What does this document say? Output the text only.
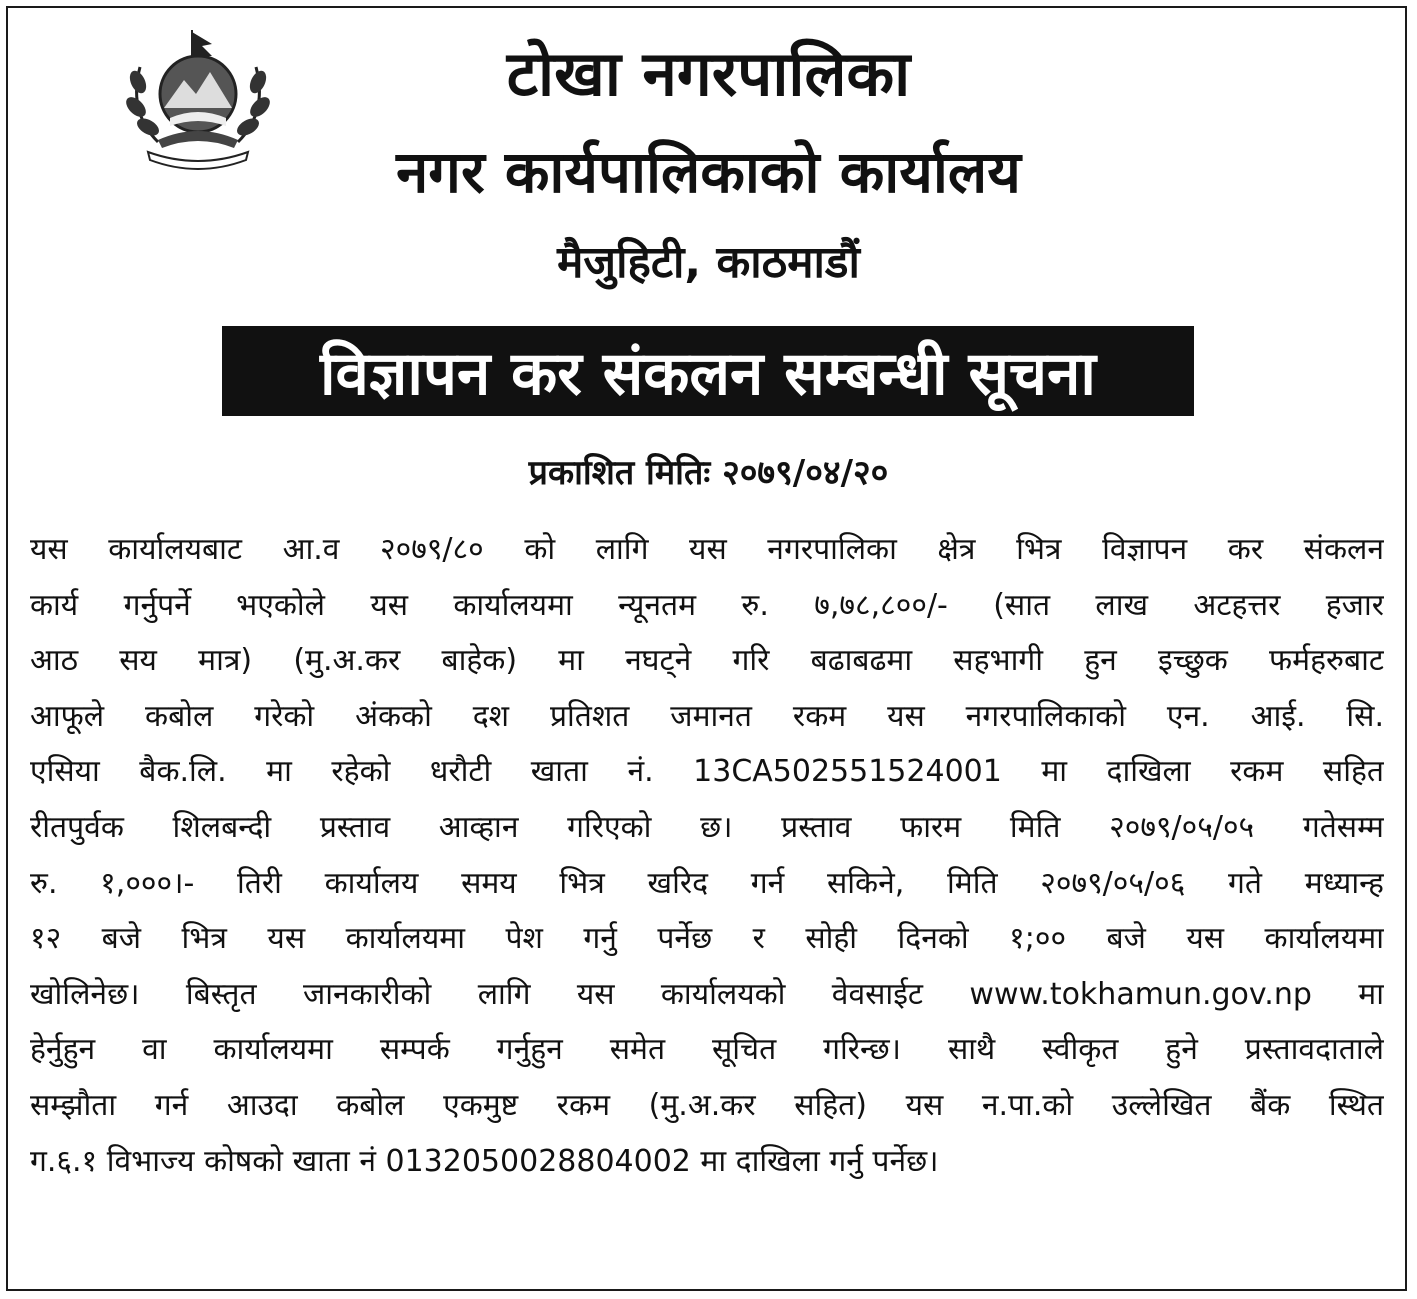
टोखा नगरपालिका
नगर कार्यपालिकाको कार्यालय
मैजुहिटी, काठमाडौं
विज्ञापन कर संकलन सम्बन्धी सूचना
प्रकाशित मितिः २०७९/०४/२०
यस कार्यालयबाट आ.व २०७९/८० को लागि यस नगरपालिका क्षेत्र भित्र विज्ञापन कर संकलन
कार्य गर्नुपर्ने भएकोले यस कार्यालयमा न्यूनतम रु. ७,७८,८००/- (सात लाख अटहत्तर हजार
आठ सय मात्र) (मु.अ.कर बाहेक) मा नघट्ने गरि बढाबढमा सहभागी हुन इच्छुक फर्महरुबाट
आफूले कबोल गरेको अंकको दश प्रतिशत जमानत रकम यस नगरपालिकाको एन. आई. सि.
एसिया बैक.लि. मा रहेको धरौटी खाता नं. 13CA502551524001 मा दाखिला रकम सहित
रीतपुर्वक शिलबन्दी प्रस्ताव आव्हान गरिएको छ। प्रस्ताव फारम मिति २०७९/०५/०५ गतेसम्म
रु. १,०००।- तिरी कार्यालय समय भित्र खरिद गर्न सकिने, मिति २०७९/०५/०६ गते मध्यान्ह
१२ बजे भित्र यस कार्यालयमा पेश गर्नु पर्नेछ र सोही दिनको १;०० बजे यस कार्यालयमा
खोलिनेछ। बिस्तृत जानकारीको लागि यस कार्यालयको वेवसाईट www.tokhamun.gov.np मा
हेर्नुहुन वा कार्यालयमा सम्पर्क गर्नुहुन समेत सूचित गरिन्छ। साथै स्वीकृत हुने प्रस्तावदाताले
सम्झौता गर्न आउदा कबोल एकमुष्ट रकम (मु.अ.कर सहित) यस न.पा.को उल्लेखित बैंक स्थित
ग.६.१ विभाज्य कोषको खाता नं 0132050028804002 मा दाखिला गर्नु पर्नेछ।
